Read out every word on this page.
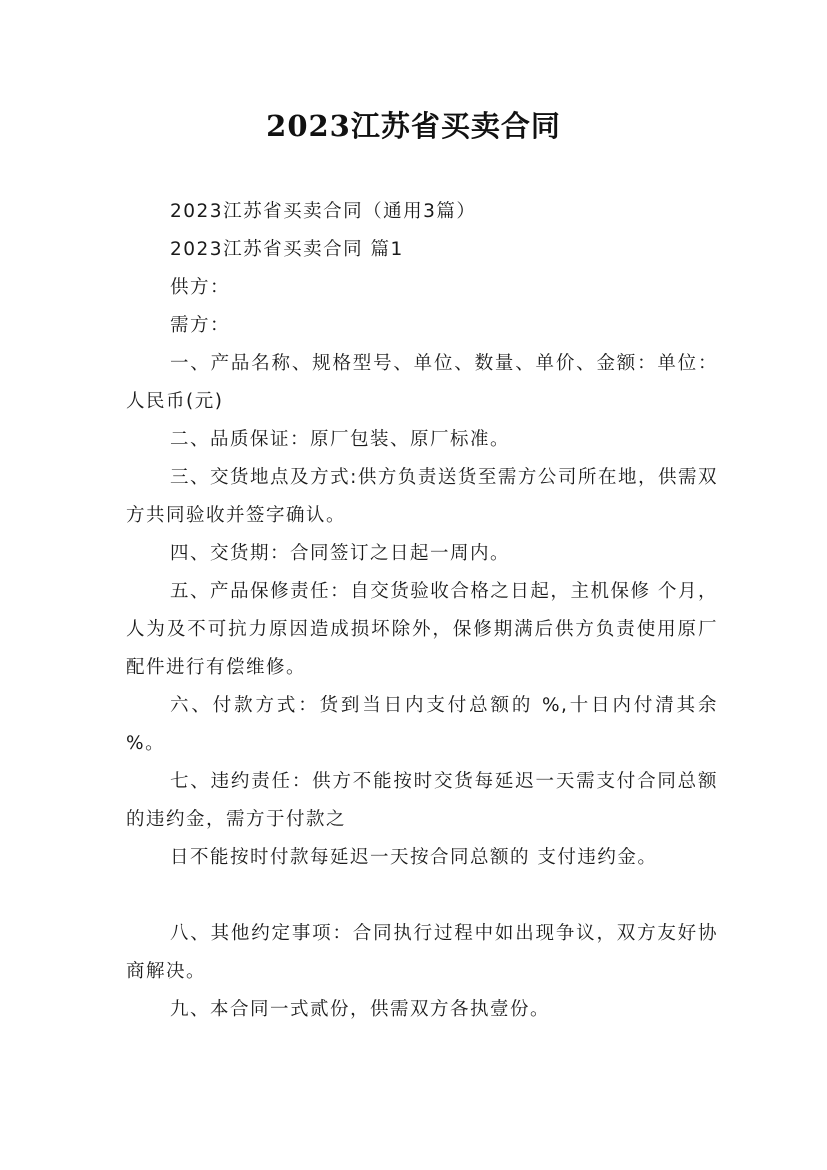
2023江苏省买卖合同

2023江苏省买卖合同（通用3篇）

2023江苏省买卖合同 篇1

供方：

需方：

一、产品名称、规格型号、单位、数量、单价、金额：单位：人民币(元)

二、品质保证：原厂包装、原厂标准。

三、交货地点及方式:供方负责送货至需方公司所在地，供需双方共同验收并签字确认。

四、交货期：合同签订之日起一周内。

五、产品保修责任：自交货验收合格之日起，主机保修 个月，人为及不可抗力原因造成损坏除外，保修期满后供方负责使用原厂配件进行有偿维修。

六、付款方式：货到当日内支付总额的 %,十日内付清其余 %。

七、违约责任：供方不能按时交货每延迟一天需支付合同总额 的违约金，需方于付款之

日不能按时付款每延迟一天按合同总额的 支付违约金。

八、其他约定事项：合同执行过程中如出现争议，双方友好协商解决。

九、本合同一式贰份，供需双方各执壹份。
